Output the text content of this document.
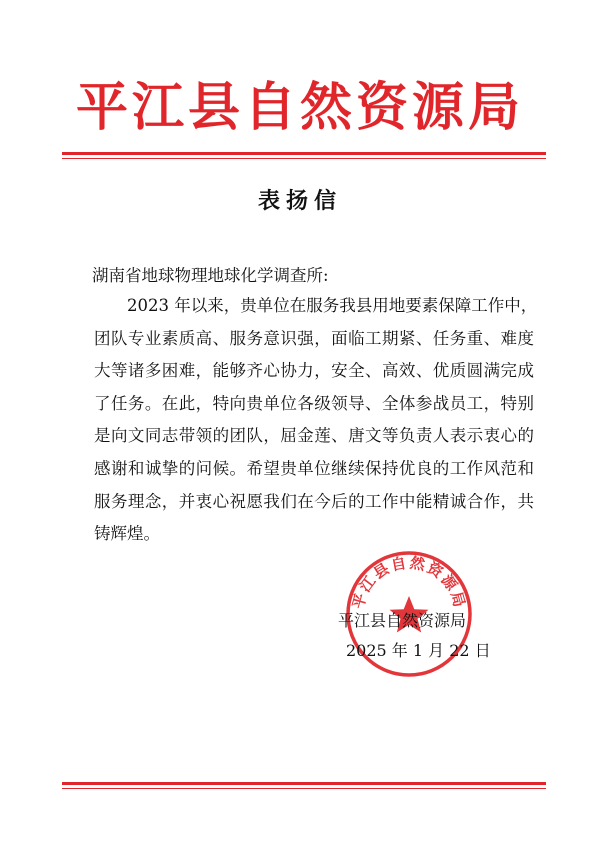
平江县自然资源局
表扬信
湖南省地球物理地球化学调查所:
2023 年以来，贵单位在服务我县用地要素保障工作中，
团队专业素质高、服务意识强，面临工期紧、任务重、难度
大等诸多困难，能够齐心协力，安全、高效、优质圆满完成
了任务。在此，特向贵单位各级领导、全体参战员工，特别
是向文同志带领的团队，屈金莲、唐文等负责人表示衷心的
感谢和诚挚的问候。希望贵单位继续保持优良的工作风范和
服务理念，并衷心祝愿我们在今后的工作中能精诚合作，共
铸辉煌。
平江县自然资源局
平江县自然资源局
2025 年 1 月 22 日
